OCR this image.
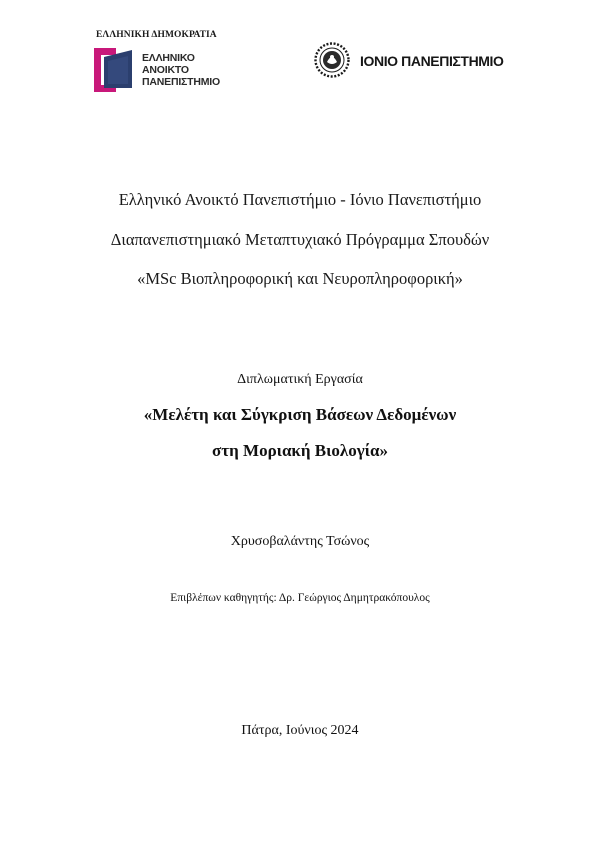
ΕΛΛΗΝΙΚΗ ΔΗΜΟΚΡΑΤΙΑ
ΕΛΛΗΝΙΚΟ
ΑΝΟΙΚΤΟ
ΠΑΝΕΠΙΣΤΗΜΙΟ
ΙΟΝΙΟ ΠΑΝΕΠΙΣΤΗΜΙΟ
Ελληνικό Ανοικτό Πανεπιστήμιο - Ιόνιο Πανεπιστήμιο
Διαπανεπιστημιακό Μεταπτυχιακό Πρόγραμμα Σπουδών
«MSc Βιοπληροφορική και Νευροπληροφορική»
Διπλωματική Εργασία
«Μελέτη και Σύγκριση Βάσεων Δεδομένων
στη Μοριακή Βιολογία»
Χρυσοβαλάντης Τσώνος
Επιβλέπων καθηγητής: Δρ. Γεώργιος Δημητρακόπουλος
Πάτρα, Ιούνιος 2024
